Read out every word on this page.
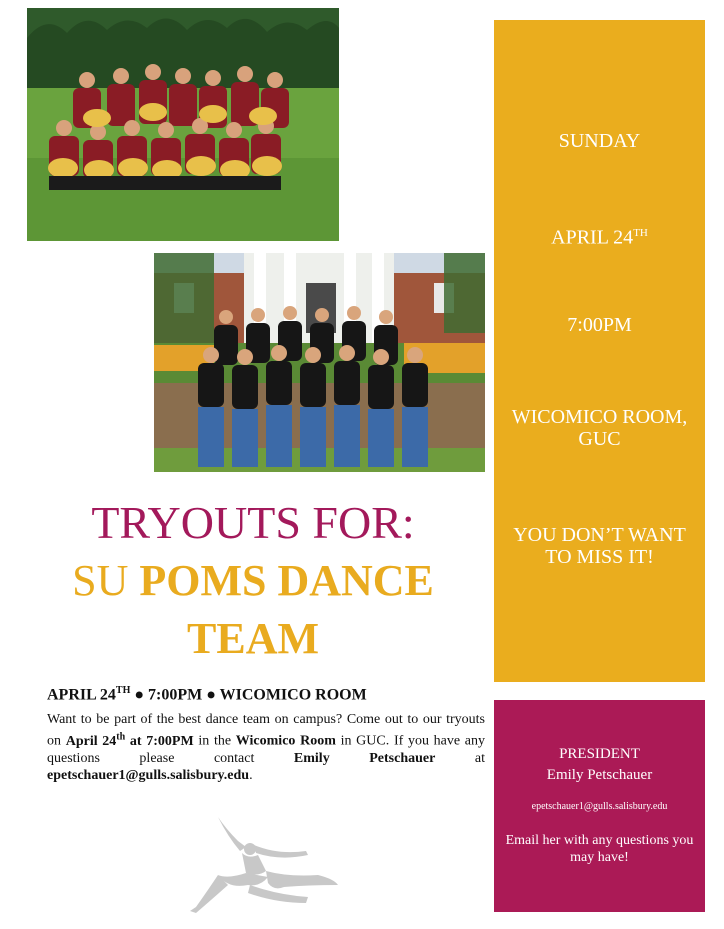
TRYOUTS FOR:
SU POMS DANCE
TEAM
APRIL 24TH ● 7:00PM ● WICOMICO ROOM
Want to be part of the best dance team on campus? Come out to our tryouts on April 24th at 7:00PM in the Wicomico Room in GUC. If you have any questions please contact Emily Petschauer at epetschauer1@gulls.salisbury.edu.
SUNDAY
APRIL 24TH
7:00PM
WICOMICO ROOM,
GUC
YOU DON’T WANT
TO MISS IT!
PRESIDENT
Emily Petschauer
epetschauer1@gulls.salisbury.edu
Email her with any questions you
may have!
